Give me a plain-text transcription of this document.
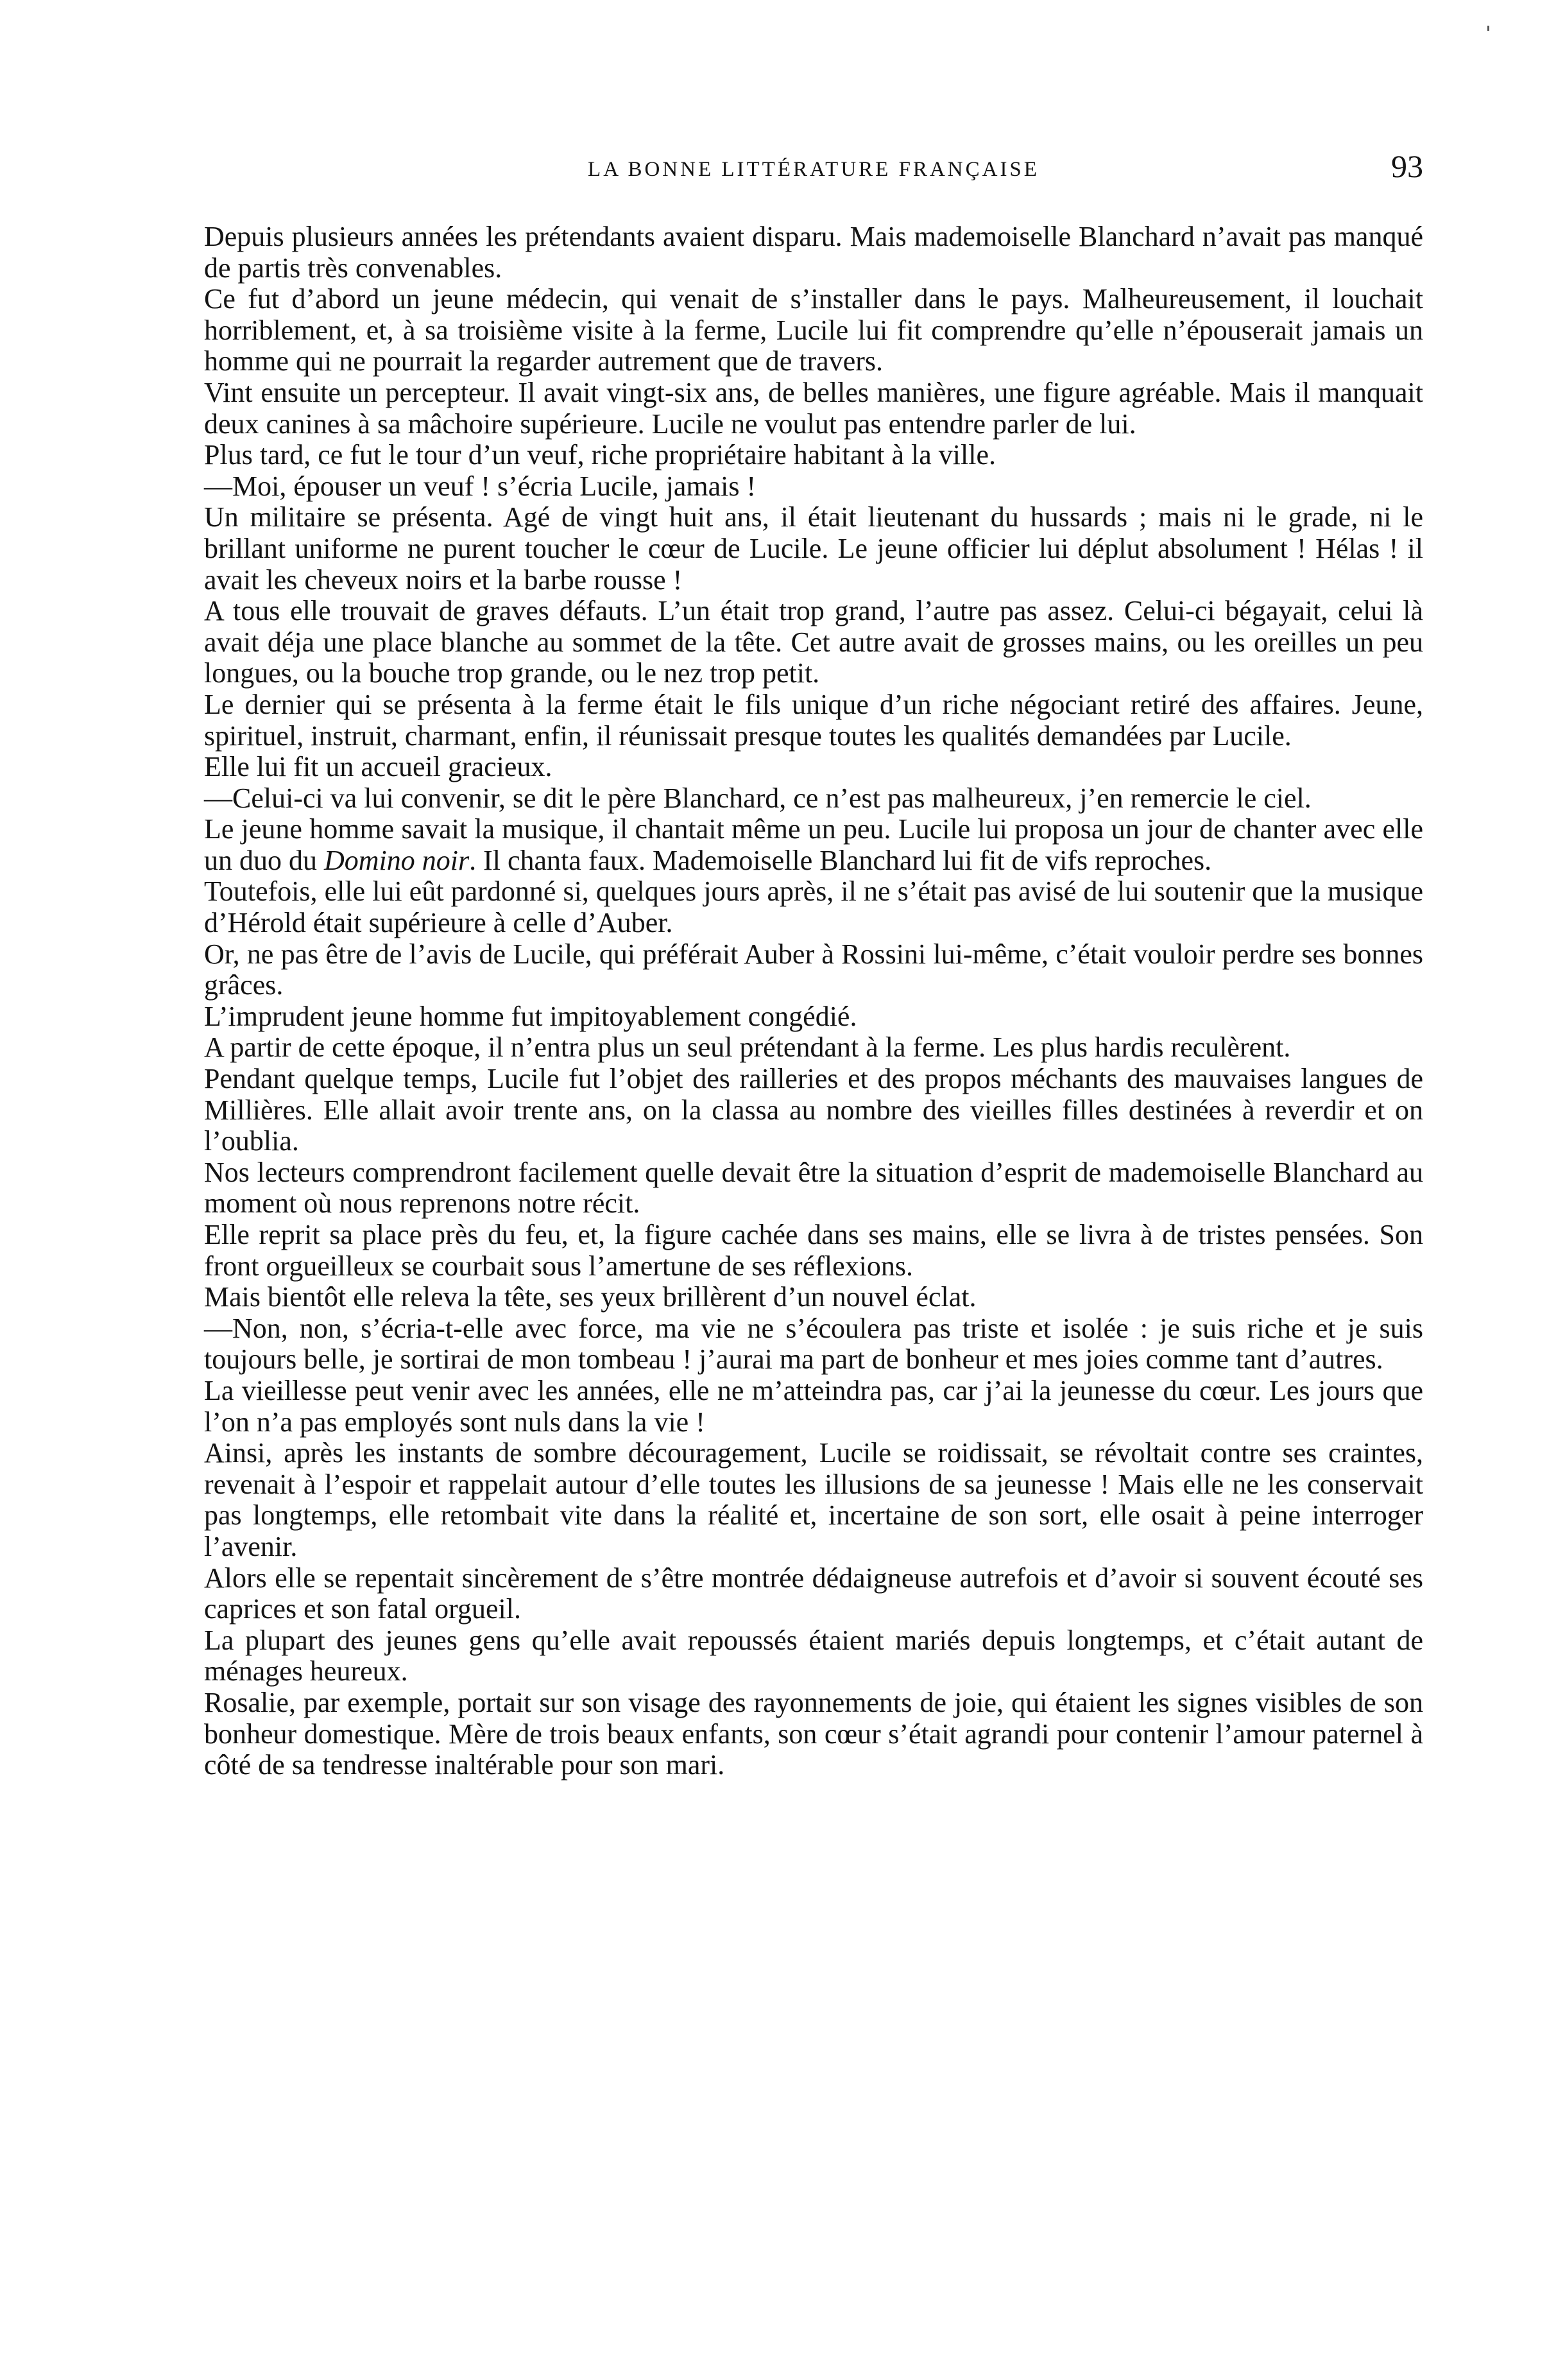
LA BONNE LITTÉRATURE FRANÇAISE	93

Depuis plusieurs années les prétendants avaient disparu. Mais mademoiselle Blanchard n’avait pas manqué de partis très convenables.

Ce fut d’abord un jeune médecin, qui venait de s’installer dans le pays. Malheureusement, il louchait horriblement, et, à sa troisième visite à la ferme, Lucile lui fit comprendre qu’elle n’épouserait jamais un homme qui ne pourrait la regarder autrement que de travers.

Vint ensuite un percepteur. Il avait vingt-six ans, de belles manières, une figure agréable. Mais il manquait deux canines à sa mâchoire supérieure. Lucile ne voulut pas entendre parler de lui.

Plus tard, ce fut le tour d’un veuf, riche propriétaire habitant à la ville.

—Moi, épouser un veuf ! s’écria Lucile, jamais !

Un militaire se présenta. Agé de vingt huit ans, il était lieutenant du hussards ; mais ni le grade, ni le brillant uniforme ne purent toucher le cœur de Lucile. Le jeune officier lui déplut absolument ! Hélas ! il avait les cheveux noirs et la barbe rousse !

A tous elle trouvait de graves défauts. L’un était trop grand, l’autre pas assez. Celui-ci bégayait, celui là avait déja une place blanche au sommet de la tête. Cet autre avait de grosses mains, ou les oreilles un peu longues, ou la bouche trop grande, ou le nez trop petit.

Le dernier qui se présenta à la ferme était le fils unique d’un riche négociant retiré des affaires. Jeune, spirituel, instruit, charmant, enfin, il réunissait presque toutes les qualités demandées par Lucile.

Elle lui fit un accueil gracieux.

—Celui-ci va lui convenir, se dit le père Blanchard, ce n’est pas malheureux, j’en remercie le ciel.

Le jeune homme savait la musique, il chantait même un peu. Lucile lui proposa un jour de chanter avec elle un duo du Domino noir. Il chanta faux. Mademoiselle Blanchard lui fit de vifs reproches.

Toutefois, elle lui eût pardonné si, quelques jours après, il ne s’était pas avisé de lui soutenir que la musique d’Hérold était supérieure à celle d’Auber.

Or, ne pas être de l’avis de Lucile, qui préférait Auber à Rossini lui-même, c’était vouloir perdre ses bonnes grâces.

L’imprudent jeune homme fut impitoyablement congédié.

A partir de cette époque, il n’entra plus un seul prétendant à la ferme. Les plus hardis reculèrent.

Pendant quelque temps, Lucile fut l’objet des railleries et des propos méchants des mauvaises langues de Millières. Elle allait avoir trente ans, on la classa au nombre des vieilles filles destinées à reverdir et on l’oublia.

Nos lecteurs comprendront facilement quelle devait être la situation d’esprit de mademoiselle Blanchard au moment où nous reprenons notre récit.

Elle reprit sa place près du feu, et, la figure cachée dans ses mains, elle se livra à de tristes pensées. Son front orgueilleux se courbait sous l’amertune de ses réflexions.

Mais bientôt elle releva la tête, ses yeux brillèrent d’un nouvel éclat.

—Non, non, s’écria-t-elle avec force, ma vie ne s’écoulera pas triste et isolée : je suis riche et je suis toujours belle, je sortirai de mon tombeau ! j’aurai ma part de bonheur et mes joies comme tant d’autres.

La vieillesse peut venir avec les années, elle ne m’atteindra pas, car j’ai la jeunesse du cœur. Les jours que l’on n’a pas employés sont nuls dans la vie !

Ainsi, après les instants de sombre découragement, Lucile se roidissait, se révoltait contre ses craintes, revenait à l’espoir et rappelait autour d’elle toutes les illusions de sa jeunesse ! Mais elle ne les conservait pas longtemps, elle retombait vite dans la réalité et, incertaine de son sort, elle osait à peine interroger l’avenir.

Alors elle se repentait sincèrement de s’être montrée dédaigneuse autrefois et d’avoir si souvent écouté ses caprices et son fatal orgueil.

La plupart des jeunes gens qu’elle avait repoussés étaient mariés depuis longtemps, et c’était autant de ménages heureux.

Rosalie, par exemple, portait sur son visage des rayonnements de joie, qui étaient les signes visibles de son bonheur domestique. Mère de trois beaux enfants, son cœur s’était agrandi pour contenir l’amour paternel à côté de sa tendresse inaltérable pour son mari.
